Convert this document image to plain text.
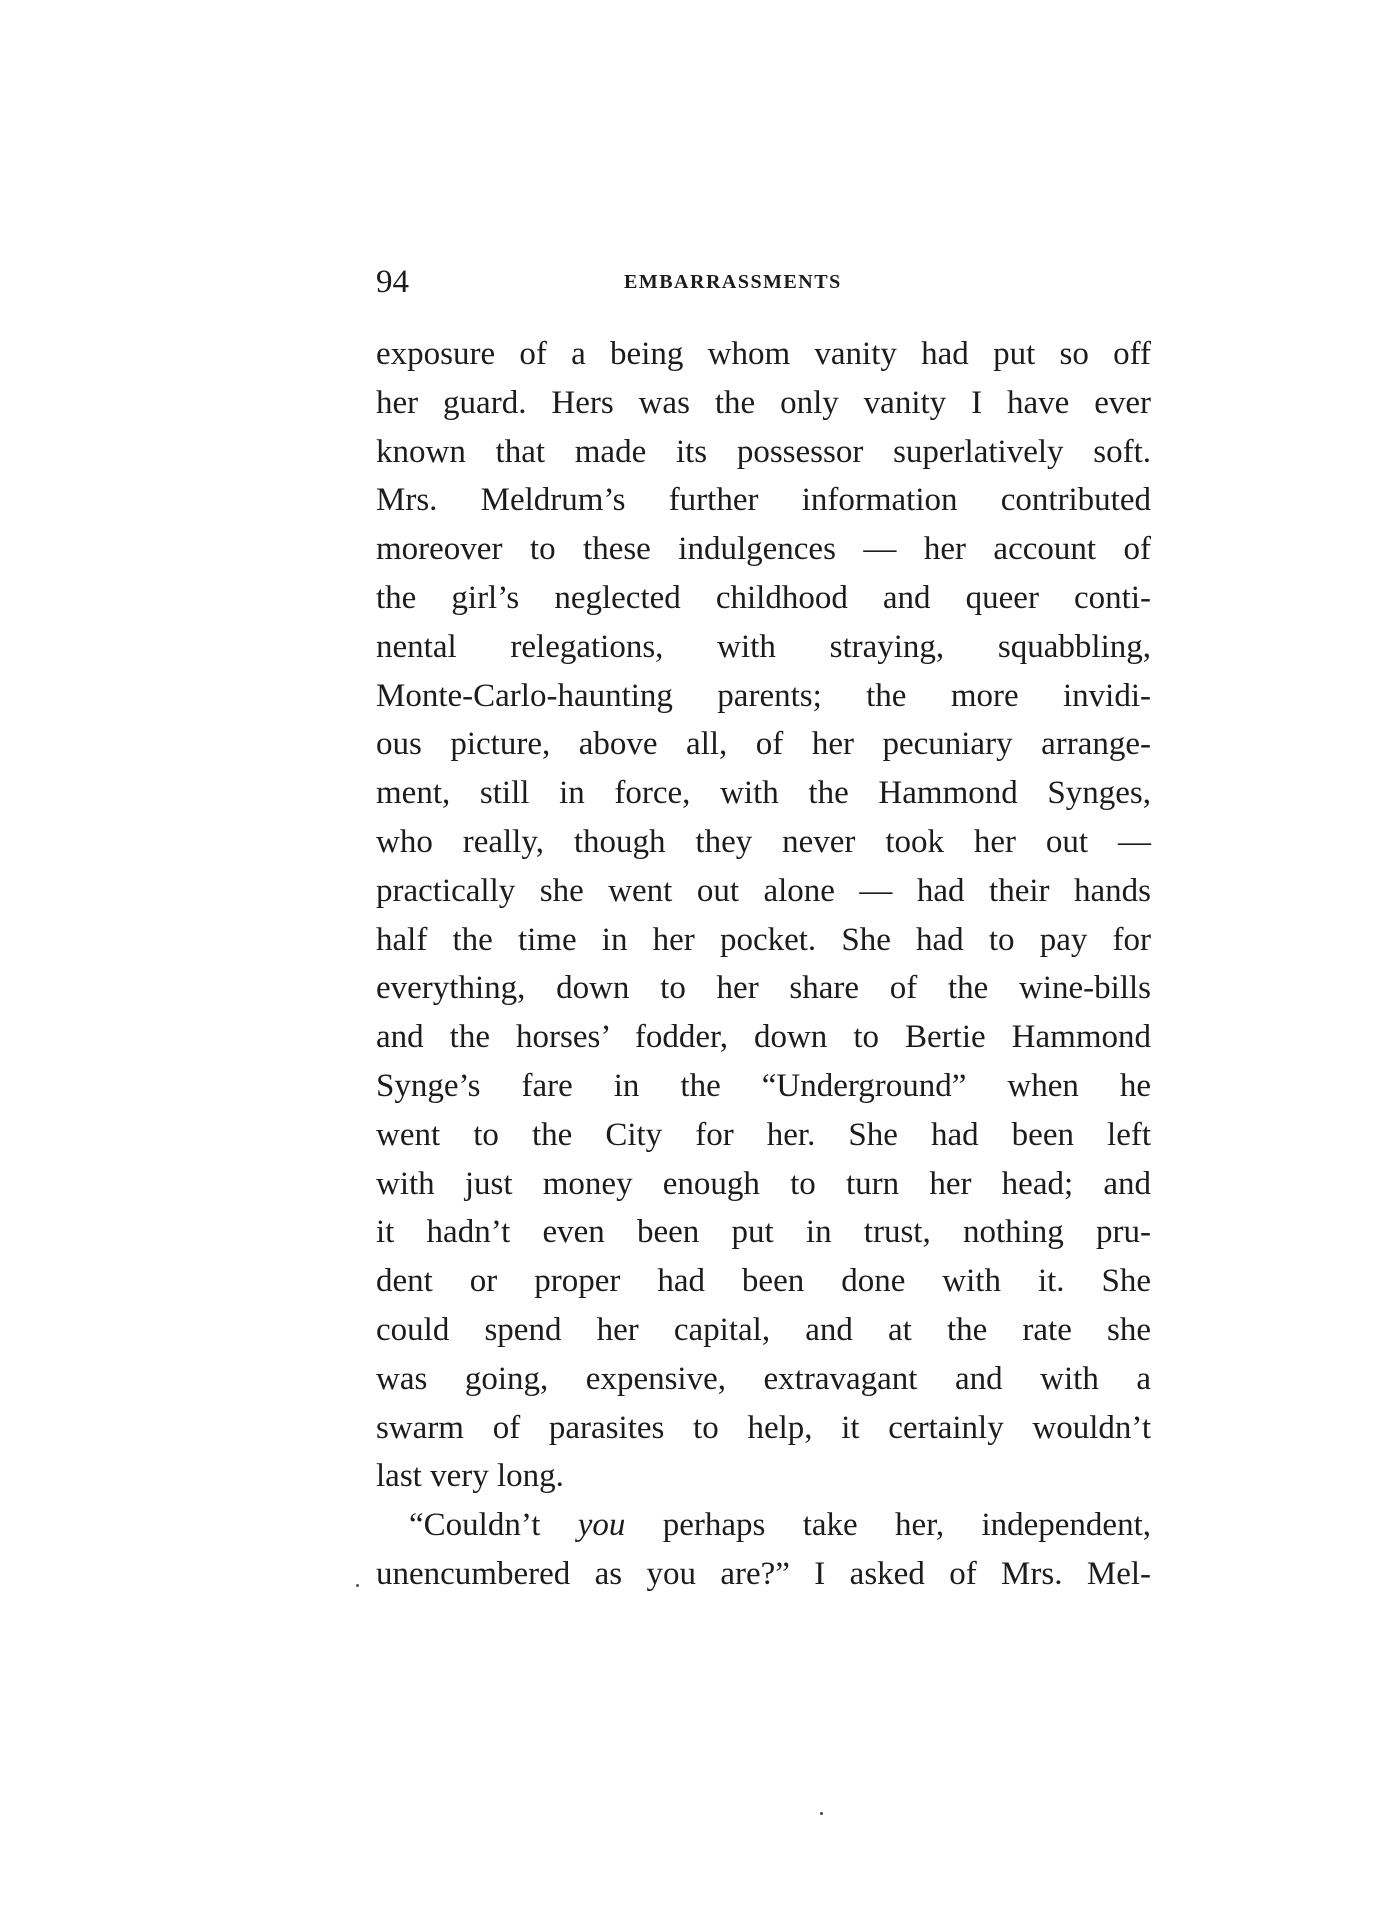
94	EMBARRASSMENTS
exposure of a being whom vanity had put so off
her guard. Hers was the only vanity I have ever
known that made its possessor superlatively soft.
Mrs. Meldrum’s further information contributed
moreover to these indulgences — her account of
the girl’s neglected childhood and queer conti-
nental relegations, with straying, squabbling,
Monte-Carlo-haunting parents; the more invidi-
ous picture, above all, of her pecuniary arrange-
ment, still in force, with the Hammond Synges,
who really, though they never took her out —
practically she went out alone — had their hands
half the time in her pocket. She had to pay for
everything, down to her share of the wine-bills
and the horses’ fodder, down to Bertie Hammond
Synge’s fare in the “Underground” when he
went to the City for her. She had been left
with just money enough to turn her head; and
it hadn’t even been put in trust, nothing pru-
dent or proper had been done with it. She
could spend her capital, and at the rate she
was going, expensive, extravagant and with a
swarm of parasites to help, it certainly wouldn’t
last very long.
“Couldn’t you perhaps take her, independent,
unencumbered as you are?” I asked of Mrs. Mel-
